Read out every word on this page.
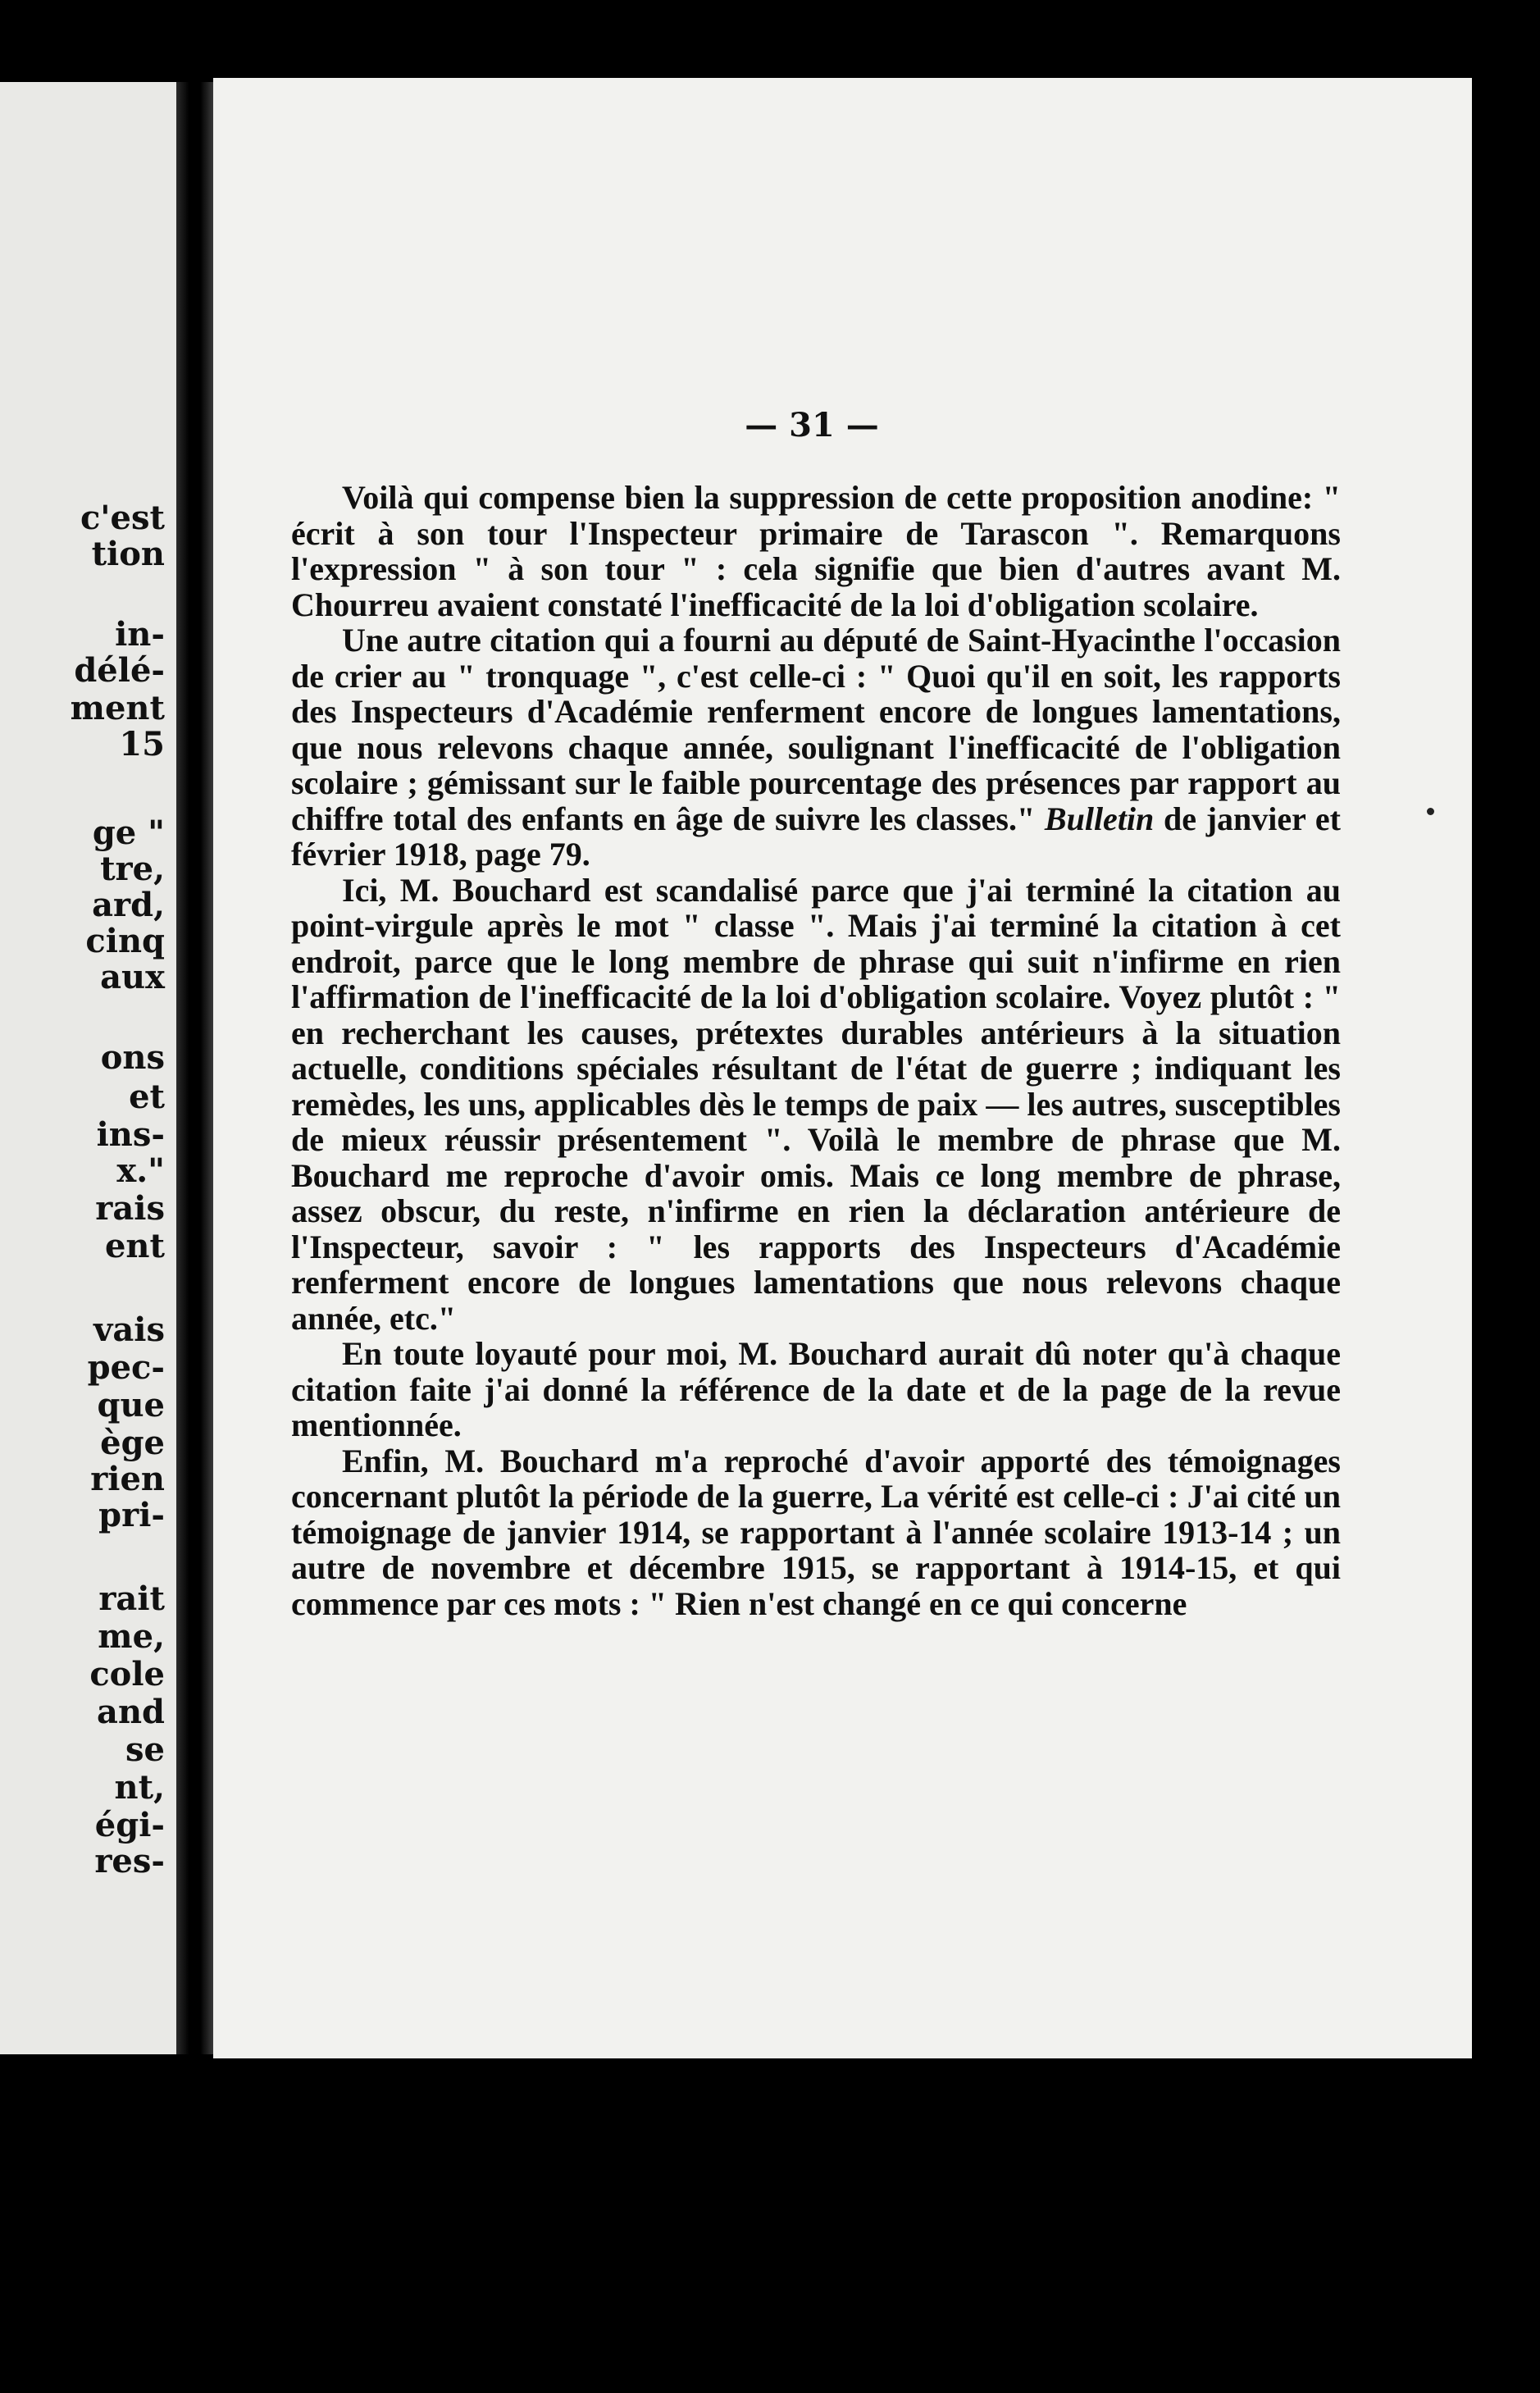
c'est
tion
in-
délé-
ment
15
ge "
tre,
ard,
cinq
aux
ons
et
ins-
x."
rais
ent
vais
pec-
que
ège
rien
pri-
rait
me,
cole
and
se
nt,
égi-
res-
— 31 —

Voilà qui compense bien la suppression de cette proposition anodine: " écrit à son tour l'Inspecteur primaire de Tarascon ". Remarquons l'expression " à son tour " : cela signifie que bien d'autres avant M. Chourreu avaient constaté l'inefficacité de la loi d'obligation scolaire.

Une autre citation qui a fourni au député de Saint-Hyacinthe l'occasion de crier au " tronquage ", c'est celle-ci : " Quoi qu'il en soit, les rapports des Inspecteurs d'Académie renferment encore de longues lamentations, que nous relevons chaque année, soulignant l'inefficacité de l'obligation scolaire ; gémissant sur le faible pourcentage des présences par rapport au chiffre total des enfants en âge de suivre les classes." Bulletin de janvier et février 1918, page 79.

Ici, M. Bouchard est scandalisé parce que j'ai terminé la citation au point-virgule après le mot " classe ". Mais j'ai terminé la citation à cet endroit, parce que le long membre de phrase qui suit n'infirme en rien l'affirmation de l'inefficacité de la loi d'obligation scolaire. Voyez plutôt : " en recherchant les causes, prétextes durables antérieurs à la situation actuelle, conditions spéciales résultant de l'état de guerre ; indiquant les remèdes, les uns, applicables dès le temps de paix — les autres, susceptibles de mieux réussir présentement ". Voilà le membre de phrase que M. Bouchard me reproche d'avoir omis. Mais ce long membre de phrase, assez obscur, du reste, n'infirme en rien la déclaration antérieure de l'Inspecteur, savoir : " les rapports des Inspecteurs d'Académie renferment encore de longues lamentations que nous relevons chaque année, etc."

En toute loyauté pour moi, M. Bouchard aurait dû noter qu'à chaque citation faite j'ai donné la référence de la date et de la page de la revue mentionnée.

Enfin, M. Bouchard m'a reproché d'avoir apporté des témoignages concernant plutôt la période de la guerre, La vérité est celle-ci : J'ai cité un témoignage de janvier 1914, se rapportant à l'année scolaire 1913-14 ; un autre de novembre et décembre 1915, se rapportant à 1914-15, et qui commence par ces mots : " Rien n'est changé en ce qui concerne
